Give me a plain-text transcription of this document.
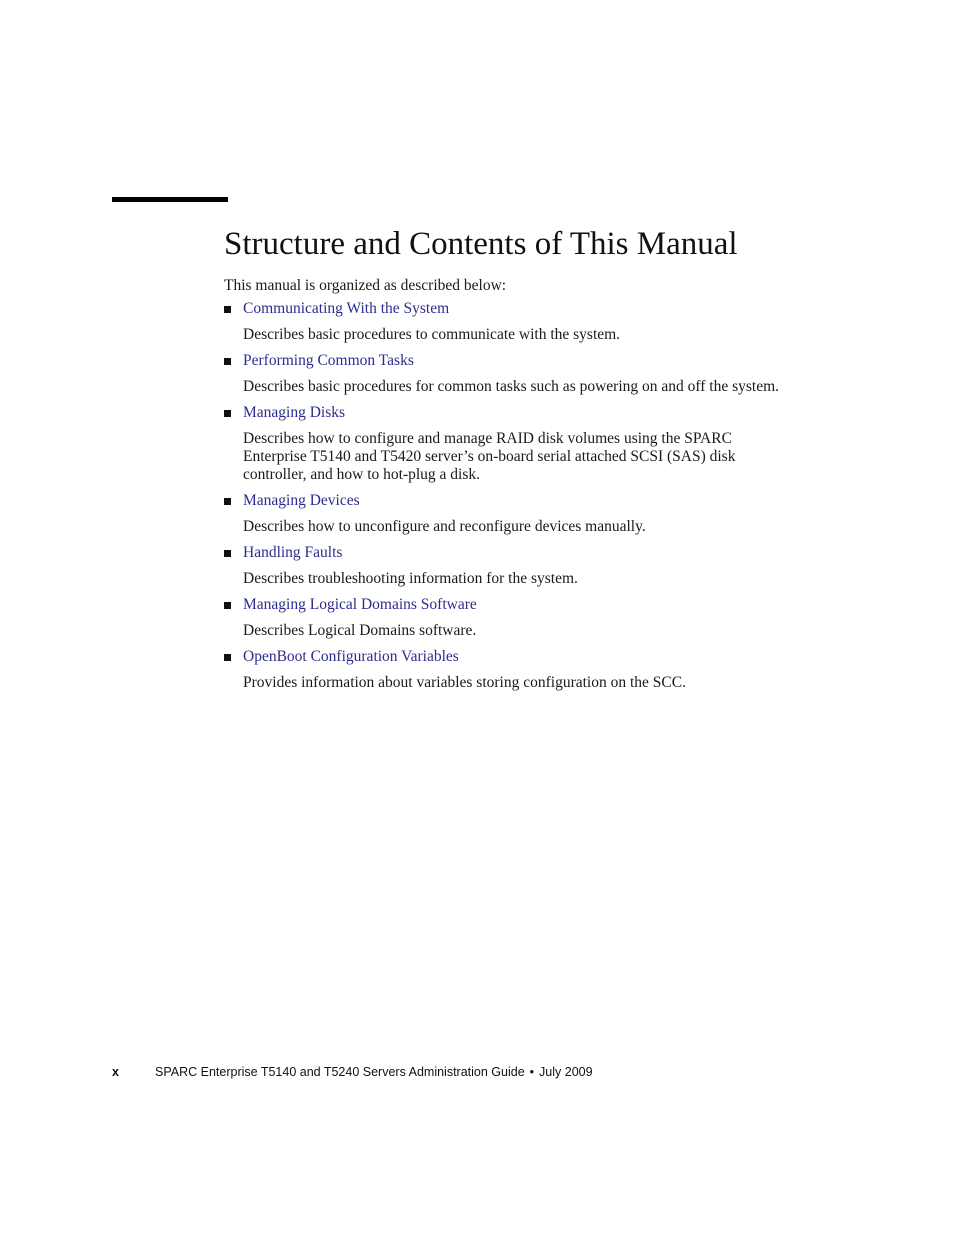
Structure and Contents of This Manual

This manual is organized as described below:

Communicating With the System

Describes basic procedures to communicate with the system.

Performing Common Tasks

Describes basic procedures for common tasks such as powering on and off the system.

Managing Disks

Describes how to configure and manage RAID disk volumes using the SPARC Enterprise T5140 and T5420 server’s on-board serial attached SCSI (SAS) disk controller, and how to hot-plug a disk.

Managing Devices

Describes how to unconfigure and reconfigure devices manually.

Handling Faults

Describes troubleshooting information for the system.

Managing Logical Domains Software

Describes Logical Domains software.

OpenBoot Configuration Variables

Provides information about variables storing configuration on the SCC.

x	SPARC Enterprise T5140 and T5240 Servers Administration Guide • July 2009
